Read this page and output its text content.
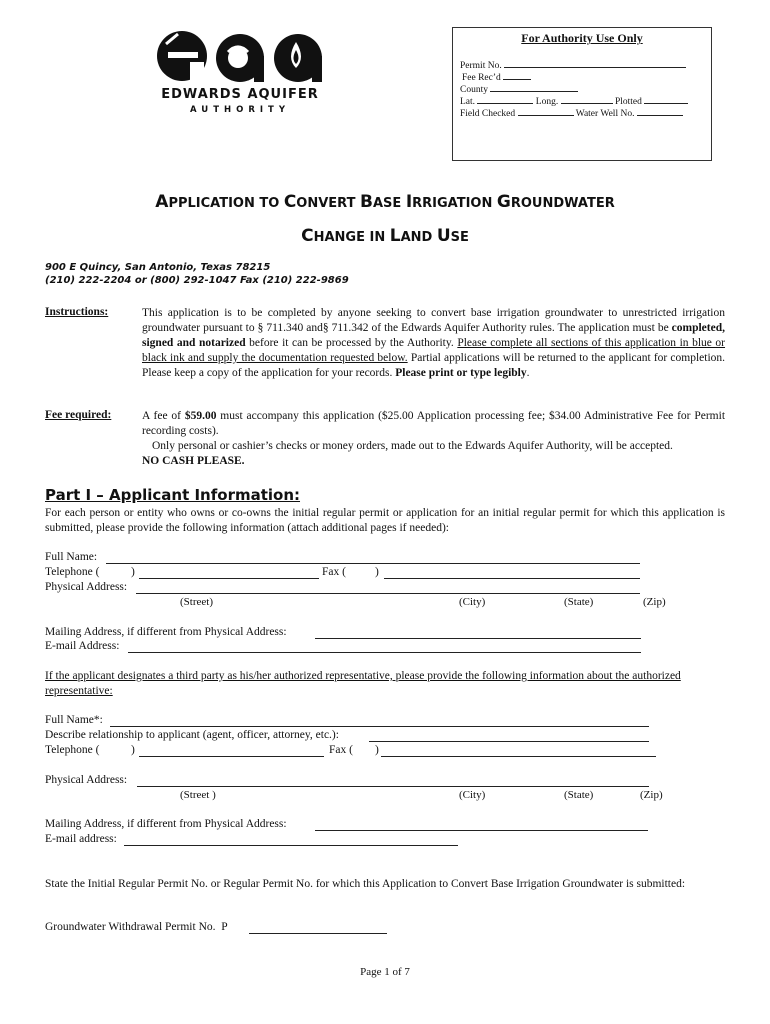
EDWARDS AQUIFER
AUTHORITY
For Authority Use Only
Permit No.
Fee Rec’d
County
Lat.	Long.	Plotted
Field Checked	Water Well No.
APPLICATION TO CONVERT BASE IRRIGATION GROUNDWATER
CHANGE IN LAND USE
900 E Quincy, San Antonio, Texas 78215
(210) 222-2204 or (800) 292-1047 Fax (210) 222-9869
Instructions:	This application is to be completed by anyone seeking to convert base irrigation groundwater to unrestricted irrigation groundwater pursuant to § 711.340 and§ 711.342 of the Edwards Aquifer Authority rules. The application must be completed, signed and notarized before it can be processed by the Authority. Please complete all sections of this application in blue or black ink and supply the documentation requested below. Partial applications will be returned to the applicant for completion. Please keep a copy of the application for your records. Please print or type legibly.
Fee required:	A fee of $59.00 must accompany this application ($25.00 Application processing fee; $34.00 Administrative Fee for Permit recording costs).
Only personal or cashier’s checks or money orders, made out to the Edwards Aquifer Authority, will be accepted.
NO CASH PLEASE.
Part I – Applicant Information:
For each person or entity who owns or co-owns the initial regular permit or application for an initial regular permit for which this application is submitted, please provide the following information (attach additional pages if needed):
Full Name:
Telephone (	)	Fax (	)
Physical Address:
(Street)	(City)	(State)	(Zip)
Mailing Address, if different from Physical Address:
E-mail Address:
If the applicant designates a third party as his/her authorized representative, please provide the following information about the authorized representative:
Full Name*:
Describe relationship to applicant (agent, officer, attorney, etc.):
Telephone (	)	Fax ( )
Physical Address:
(Street )	(City)	(State)	(Zip)
Mailing Address, if different from Physical Address:
E-mail address:
State the Initial Regular Permit No. or Regular Permit No. for which this Application to Convert Base Irrigation Groundwater is submitted:
Groundwater Withdrawal Permit No. P
Page 1 of 7
